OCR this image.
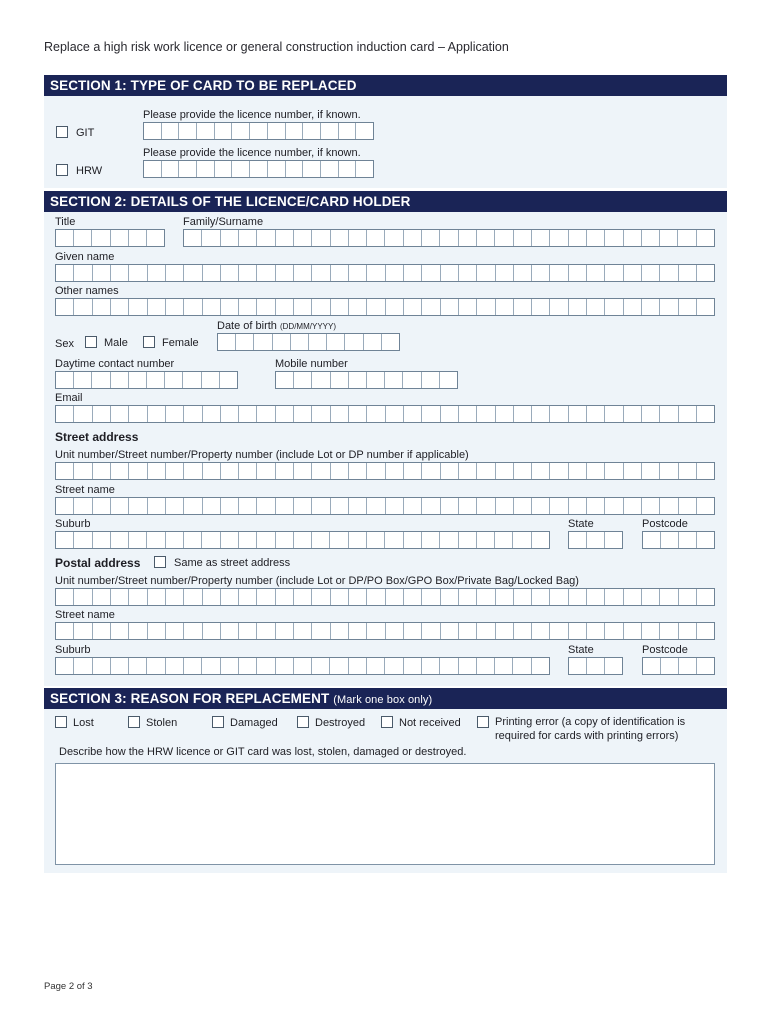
Replace a high risk work licence or general construction induction card – Application
SECTION 1: TYPE OF CARD TO BE REPLACED
Please provide the licence number, if known.
GIT
Please provide the licence number, if known.
HRW
SECTION 2: DETAILS OF THE LICENCE/CARD HOLDER
Title	Family/Surname
Given name
Other names
Date of birth (DD/MM/YYYY)
Sex	Male	Female
Daytime contact number	Mobile number
Email
Street address
Unit number/Street number/Property number (include Lot or DP number if applicable)
Street name
Suburb	State	Postcode
Postal address	Same as street address
Unit number/Street number/Property number (include Lot or DP/PO Box/GPO Box/Private Bag/Locked Bag)
Street name
Suburb	State	Postcode
SECTION 3: REASON FOR REPLACEMENT (Mark one box only)
Lost	Stolen	Damaged	Destroyed	Not received	Printing error (a copy of identification is
required for cards with printing errors)
Describe how the HRW licence or GIT card was lost, stolen, damaged or destroyed.
Page 2 of 3
